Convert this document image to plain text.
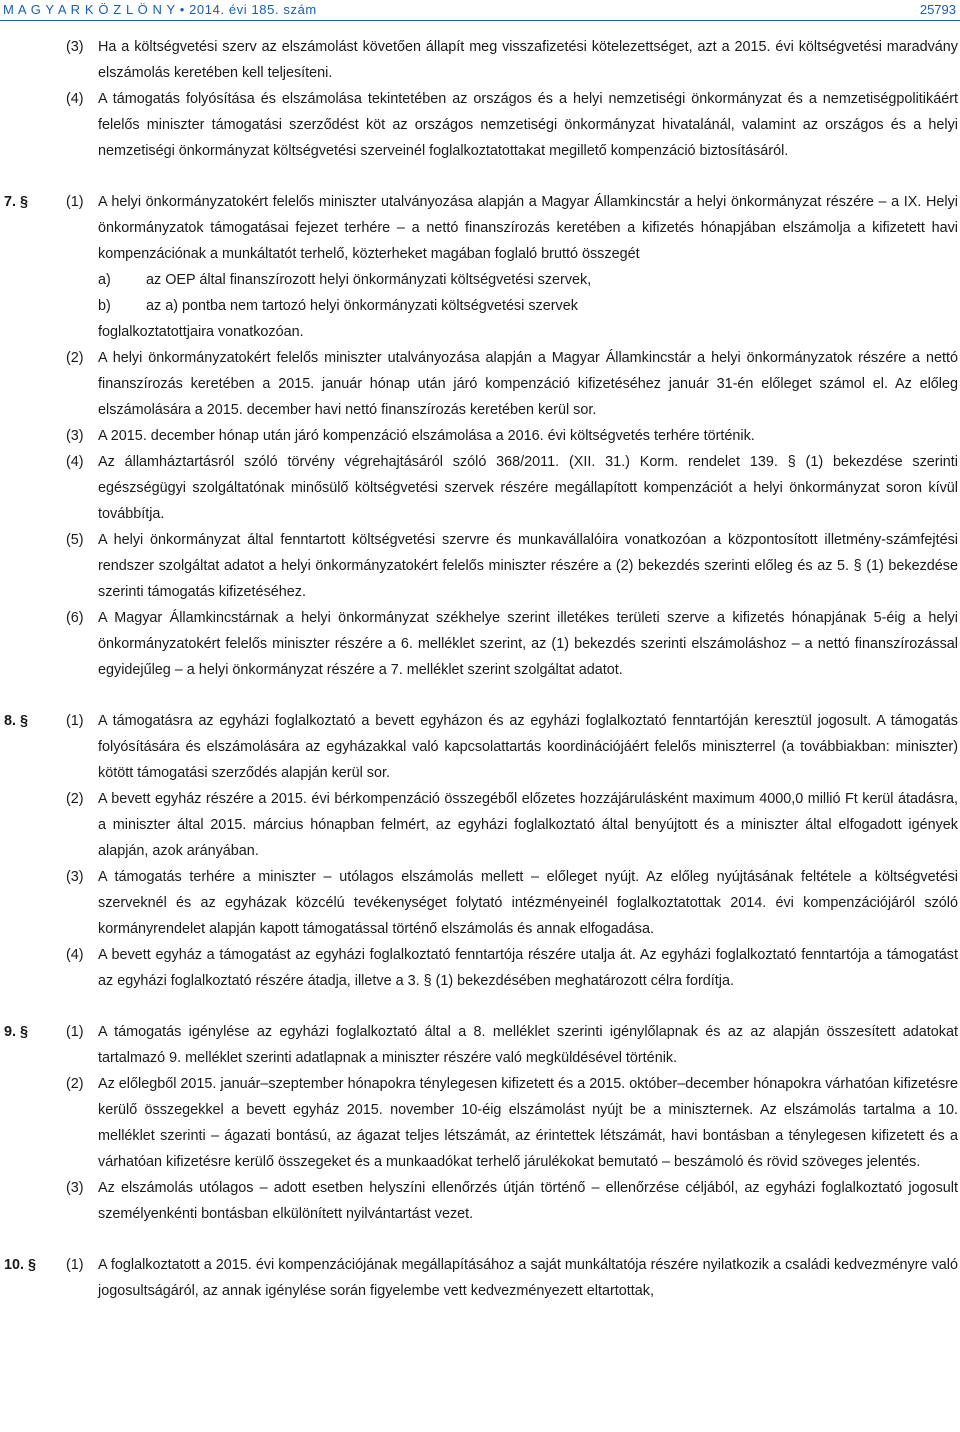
M A G Y A R K Ö Z L Ö N Y • 2014. évi 185. szám	25793
(3) Ha a költségvetési szerv az elszámolást követően állapít meg visszafizetési kötelezettséget, azt a 2015. évi költségvetési maradvány elszámolás keretében kell teljesíteni.
(4) A támogatás folyósítása és elszámolása tekintetében az országos és a helyi nemzetiségi önkormányzat és a nemzetiségpolitikáért felelős miniszter támogatási szerződést köt az országos nemzetiségi önkormányzat hivatalánál, valamint az országos és a helyi nemzetiségi önkormányzat költségvetési szerveinél foglalkoztatottakat megillető kompenzáció biztosításáról.
7. §	(1) A helyi önkormányzatokért felelős miniszter utalványozása alapján a Magyar Államkincstár a helyi önkormányzat részére – a IX. Helyi önkormányzatok támogatásai fejezet terhére – a nettó finanszírozás keretében a kifizetés hónapjában elszámolja a kifizetett havi kompenzációnak a munkáltatót terhelő, közterheket magában foglaló bruttó összegét
a) az OEP által finanszírozott helyi önkormányzati költségvetési szervek,
b) az a) pontba nem tartozó helyi önkormányzati költségvetési szervek
foglalkoztatottjaira vonatkozóan.
(2) A helyi önkormányzatokért felelős miniszter utalványozása alapján a Magyar Államkincstár a helyi önkormányzatok részére a nettó finanszírozás keretében a 2015. január hónap után járó kompenzáció kifizetéséhez január 31-én előleget számol el. Az előleg elszámolására a 2015. december havi nettó finanszírozás keretében kerül sor.
(3) A 2015. december hónap után járó kompenzáció elszámolása a 2016. évi költségvetés terhére történik.
(4) Az államháztartásról szóló törvény végrehajtásáról szóló 368/2011. (XII. 31.) Korm. rendelet 139. § (1) bekezdése szerinti egészségügyi szolgáltatónak minősülő költségvetési szervek részére megállapított kompenzációt a helyi önkormányzat soron kívül továbbítja.
(5) A helyi önkormányzat által fenntartott költségvetési szervre és munkavállalóira vonatkozóan a központosított illetmény-számfejtési rendszer szolgáltat adatot a helyi önkormányzatokért felelős miniszter részére a (2) bekezdés szerinti előleg és az 5. § (1) bekezdése szerinti támogatás kifizetéséhez.
(6) A Magyar Államkincstárnak a helyi önkormányzat székhelye szerint illetékes területi szerve a kifizetés hónapjának 5-éig a helyi önkormányzatokért felelős miniszter részére a 6. melléklet szerint, az (1) bekezdés szerinti elszámoláshoz – a nettó finanszírozással egyidejűleg – a helyi önkormányzat részére a 7. melléklet szerint szolgáltat adatot.
8. §	(1) A támogatásra az egyházi foglalkoztató a bevett egyházon és az egyházi foglalkoztató fenntartóján keresztül jogosult. A támogatás folyósítására és elszámolására az egyházakkal való kapcsolattartás koordinációjáért felelős miniszterrel (a továbbiakban: miniszter) kötött támogatási szerződés alapján kerül sor.
(2) A bevett egyház részére a 2015. évi bérkompenzáció összegéből előzetes hozzájárulásként maximum 4000,0 millió Ft kerül átadásra, a miniszter által 2015. március hónapban felmért, az egyházi foglalkoztató által benyújtott és a miniszter által elfogadott igények alapján, azok arányában.
(3) A támogatás terhére a miniszter – utólagos elszámolás mellett – előleget nyújt. Az előleg nyújtásának feltétele a költségvetési szerveknél és az egyházak közcélú tevékenységet folytató intézményeinél foglalkoztatottak 2014. évi kompenzációjáról szóló kormányrendelet alapján kapott támogatással történő elszámolás és annak elfogadása.
(4) A bevett egyház a támogatást az egyházi foglalkoztató fenntartója részére utalja át. Az egyházi foglalkoztató fenntartója a támogatást az egyházi foglalkoztató részére átadja, illetve a 3. § (1) bekezdésében meghatározott célra fordítja.
9. §	(1) A támogatás igénylése az egyházi foglalkoztató által a 8. melléklet szerinti igénylőlapnak és az az alapján összesített adatokat tartalmazó 9. melléklet szerinti adatlapnak a miniszter részére való megküldésével történik.
(2) Az előlegből 2015. január–szeptember hónapokra ténylegesen kifizetett és a 2015. október–december hónapokra várhatóan kifizetésre kerülő összegekkel a bevett egyház 2015. november 10-éig elszámolást nyújt be a miniszternek. Az elszámolás tartalma a 10. melléklet szerinti – ágazati bontású, az ágazat teljes létszámát, az érintettek létszámát, havi bontásban a ténylegesen kifizetett és a várhatóan kifizetésre kerülő összegeket és a munkaadókat terhelő járulékokat bemutató – beszámoló és rövid szöveges jelentés.
(3) Az elszámolás utólagos – adott esetben helyszíni ellenőrzés útján történő – ellenőrzése céljából, az egyházi foglalkoztató jogosult személyenkénti bontásban elkülönített nyilvántartást vezet.
10. § (1) A foglalkoztatott a 2015. évi kompenzációjának megállapításához a saját munkáltatója részére nyilatkozik a családi kedvezményre való jogosultságáról, az annak igénylése során figyelembe vett kedvezményezett eltartottak,
